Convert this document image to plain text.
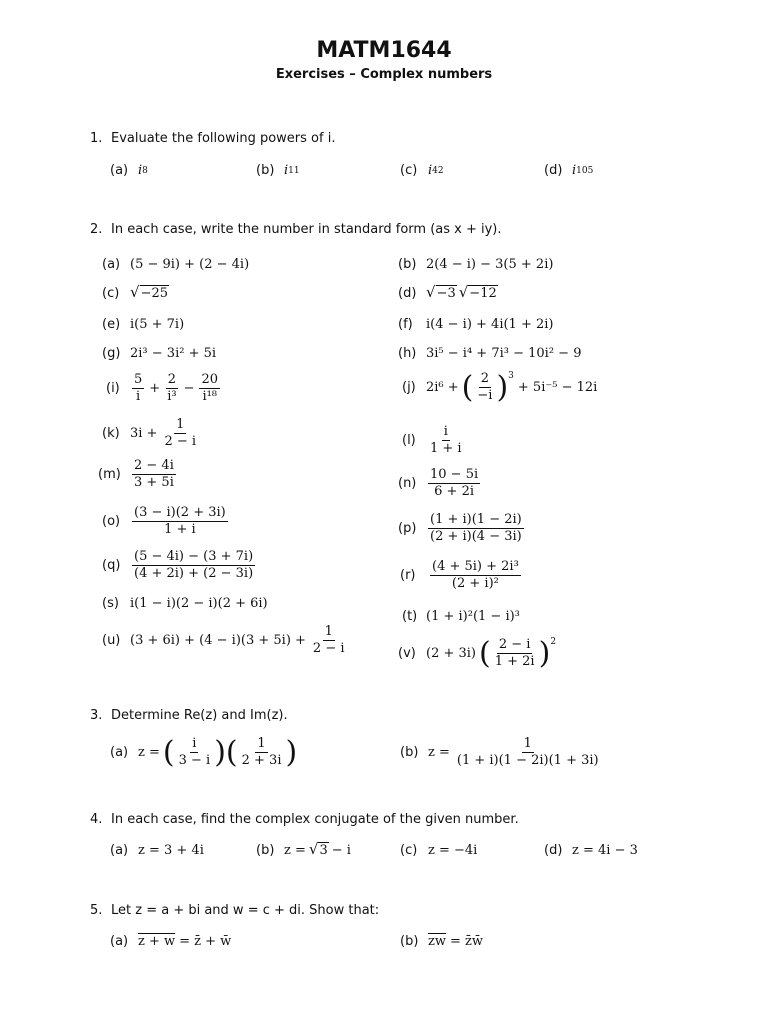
MATM1644
Exercises – Complex numbers
1. Evaluate the following powers of i.
(a) i 8	(b) i 11	(c) i 42	(d) i 105
2. In each case, write the number in standard form (as x + iy).
(a) (5 − 9i) + (2 − 4i)	(b) 2(4 − i) − 3(5 + 2i)
(c) √ −25	(d) √ −3 √ −12
(e) i(5 + 7i)	(f)	i(4 − i) + 4i(1 + 2i)
(g) 2i³ − 3i² + 5i	(h) 3i⁵ − i⁴ + 7i³ − 10i² − 9
$(i) \frac{5}{i} + \frac{2}{\text{i³}} - \frac{20}{\text{i¹⁸}}$	(j) 2i⁶ + ( $\frac{2}{-i} )^3$
+ 5i⁻⁵ − 12i
(k) $3i + \frac{1}{2 - i}$	$(l) \frac{i}{1 + i}$
$(m) \frac{2 - 4i}{3 + 5i}$	$(n) \frac{10 - 5i}{6 + 2i}$
$(o) \frac{(3 - i)(2 + 3i)}{1 + i}$	$(p) \frac{(1 + i)(1 - 2i)}{(2 + i)(4 - 3i)}$
$(q) \frac{(5 - 4i) - (3 + 7i)}{(4 + 2i) + (2 - 3i)}$	(r)	$\frac{\text{(4 + 5i) + 2i³}}{\text{(2 + i)²}}$
(s) i(1 − i)(2 − i)(2 + 6i)
(t) (1 + i)²(1 − i)³
(u) $(3 + 6i) + (4 - i)(3 + 5i) + \frac{1}{2 - i}$	(v) (2 + 3i) ( $\frac{2 - i}{1 + 2i} )^2$
3. Determine Re(z) and Im(z).
(a) z = ( $\frac{i}{3 - i}$ ) ( $\frac{1}{2 + 3i}$ )	(b) $z = \frac{1}{(1 + i)(1 - 2i)(1 + 3i)}$
4. In each case, find the complex conjugate of the given number.
(a) z = 3 + 4i	(b) z = √ 3 − i	(c) z = −4i	(d) z = 4i − 3
5. Let z = a + bi and w = c + di. Show that:
(a) z + w = z̄ + w̄	(b) $\overline{zw}$ = z̄w̄
